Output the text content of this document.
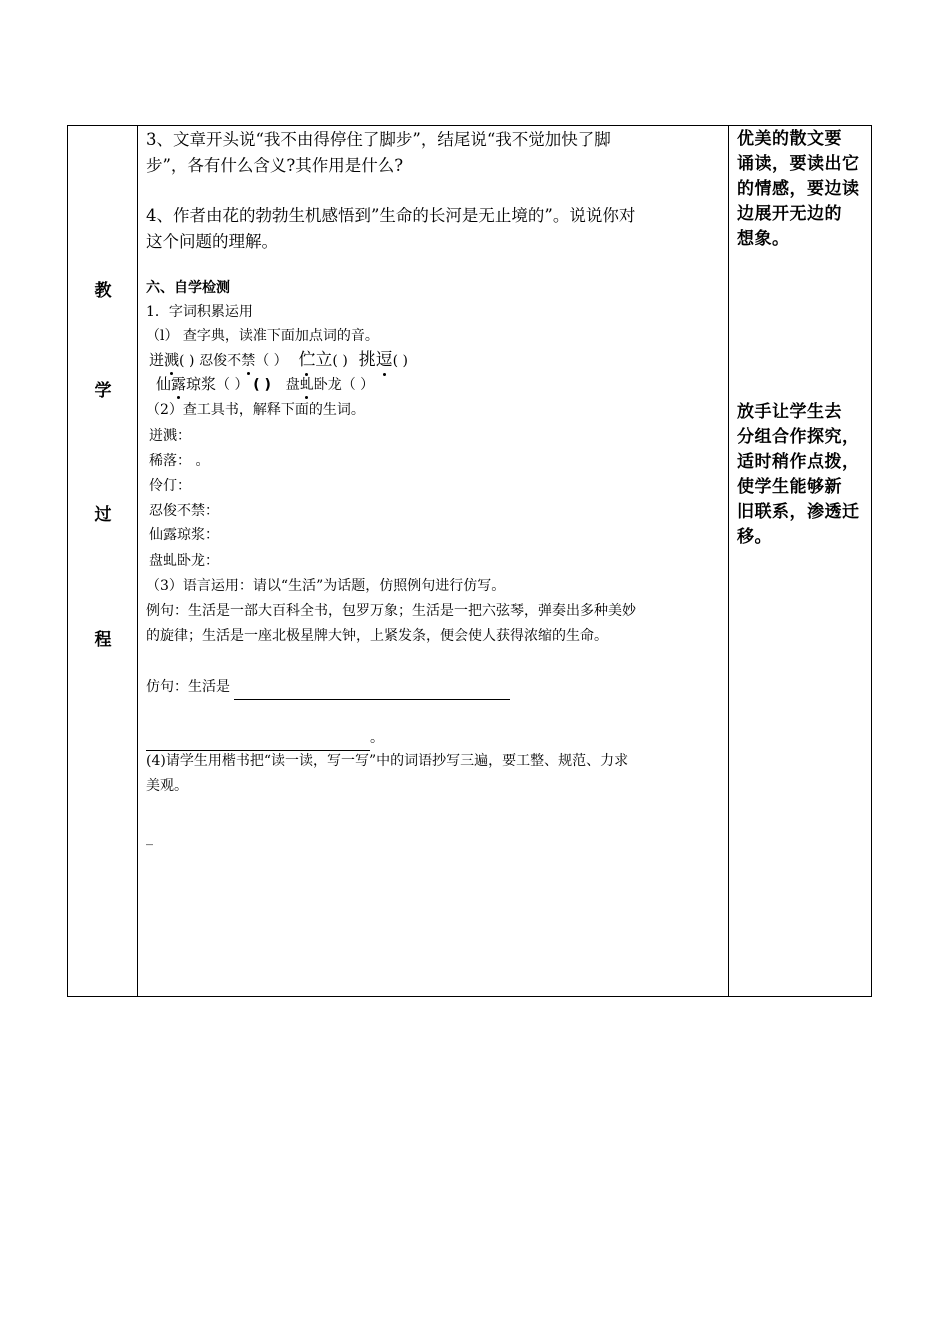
教
学
过
程
3、文章开头说“我不由得停住了脚步”，结尾说“我不觉加快了脚
步”，各有什么含义?其作用是什么?
4、作者由花的勃勃生机感悟到”生命的长河是无止境的”。说说你对
这个问题的理解。
六、自学检测
1．字词积累运用
（l） 查字典，读准下面加点词的音。
迸溅( ) 忍俊不禁（ ） 伫立( ) 挑逗( )
仙露琼浆（ ） ( ) 盘虬卧龙（ ）
（2）查工具书，解释下面的生词。
迸溅：
稀落： 。
伶仃：
忍俊不禁：
仙露琼浆：
盘虬卧龙：
（3）语言运用：请以“生活”为话题，仿照例句进行仿写。
例句：生活是一部大百科全书，包罗万象；生活是一把六弦琴，弹奏出多种美妙
的旋律；生活是一座北极星牌大钟，上紧发条，便会使人获得浓缩的生命。
仿句：生活是
。
(4)请学生用楷书把“读一读，写一写”中的词语抄写三遍，要工整、规范、力求
美观。
_
优美的散文要
诵读，要读出它
的情感，要边读
边展开无边的
想象。
放手让学生去
分组合作探究，
适时稍作点拨，
使学生能够新
旧联系，渗透迁
移。
